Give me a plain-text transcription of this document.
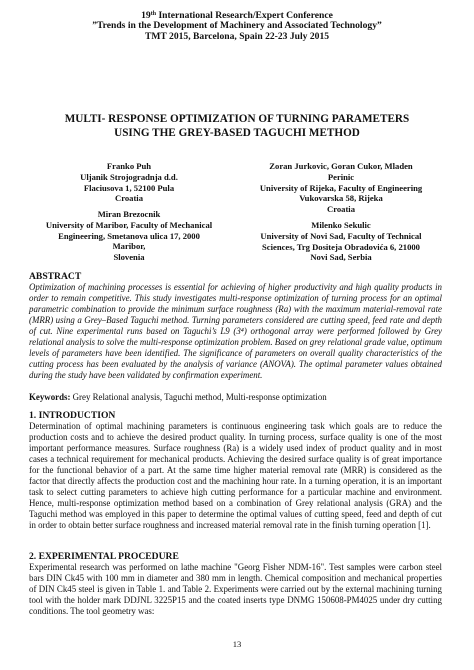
19th International Research/Expert Conference
”Trends in the Development of Machinery and Associated Technology”
TMT 2015, Barcelona, Spain 22-23 July 2015
MULTI- RESPONSE OPTIMIZATION OF TURNING PARAMETERS
USING THE GREY-BASED TAGUCHI METHOD
Franko Puh
Uljanik Strojogradnja d.d.
Flaciusova 1, 52100 Pula
Croatia
Zoran Jurkovic, Goran Cukor, Mladen
Perinic
University of Rijeka, Faculty of Engineering
Vukovarska 58, Rijeka
Croatia
Miran Brezocnik
University of Maribor, Faculty of Mechanical
Engineering, Smetanova ulica 17, 2000
Maribor,
Slovenia
Milenko Sekulic
University of Novi Sad, Faculty of Technical
Sciences, Trg Dositeja Obradovića 6, 21000
Novi Sad, Serbia
ABSTRACT
Optimization of machining processes is essential for achieving of higher productivity and high quality products in order to remain competitive. This study investigates multi-response optimization of turning process for an optimal parametric combination to provide the minimum surface roughness (Ra) with the maximum material-removal rate (MRR) using a Grey–Based Taguchi method. Turning parameters considered are cutting speed, feed rate and depth of cut. Nine experimental runs based on Taguchi’s L9 (3⁴) orthogonal array were performed followed by Grey relational analysis to solve the multi-response optimization problem. Based on grey relational grade value, optimum levels of parameters have been identified. The significance of parameters on overall quality characteristics of the cutting process has been evaluated by the analysis of variance (ANOVA). The optimal parameter values obtained during the study have been validated by confirmation experiment.
Keywords: Grey Relational analysis, Taguchi method, Multi-response optimization
1. INTRODUCTION
Determination of optimal machining parameters is continuous engineering task which goals are to reduce the production costs and to achieve the desired product quality. In turning process, surface quality is one of the most important performance measures. Surface roughness (Ra) is a widely used index of product quality and in most cases a technical requirement for mechanical products. Achieving the desired surface quality is of great importance for the functional behavior of a part. At the same time higher material removal rate (MRR) is considered as the factor that directly affects the production cost and the machining hour rate. In a turning operation, it is an important task to select cutting parameters to achieve high cutting performance for a particular machine and environment. Hence, multi-response optimization method based on a combination of Grey relational analysis (GRA) and the Taguchi method was employed in this paper to determine the optimal values of cutting speed, feed and depth of cut in order to obtain better surface roughness and increased material removal rate in the finish turning operation [1].
2. EXPERIMENTAL PROCEDURE
Experimental research was performed on lathe machine "Georg Fisher NDM-16". Test samples were carbon steel bars DIN Ck45 with 100 mm in diameter and 380 mm in length. Chemical composition and mechanical properties of DIN Ck45 steel is given in Table 1. and Table 2. Experiments were carried out by the external machining turning tool with the holder mark DDJNL 3225P15 and the coated inserts type DNMG 150608-PM4025 under dry cutting conditions. The tool geometry was:
13
